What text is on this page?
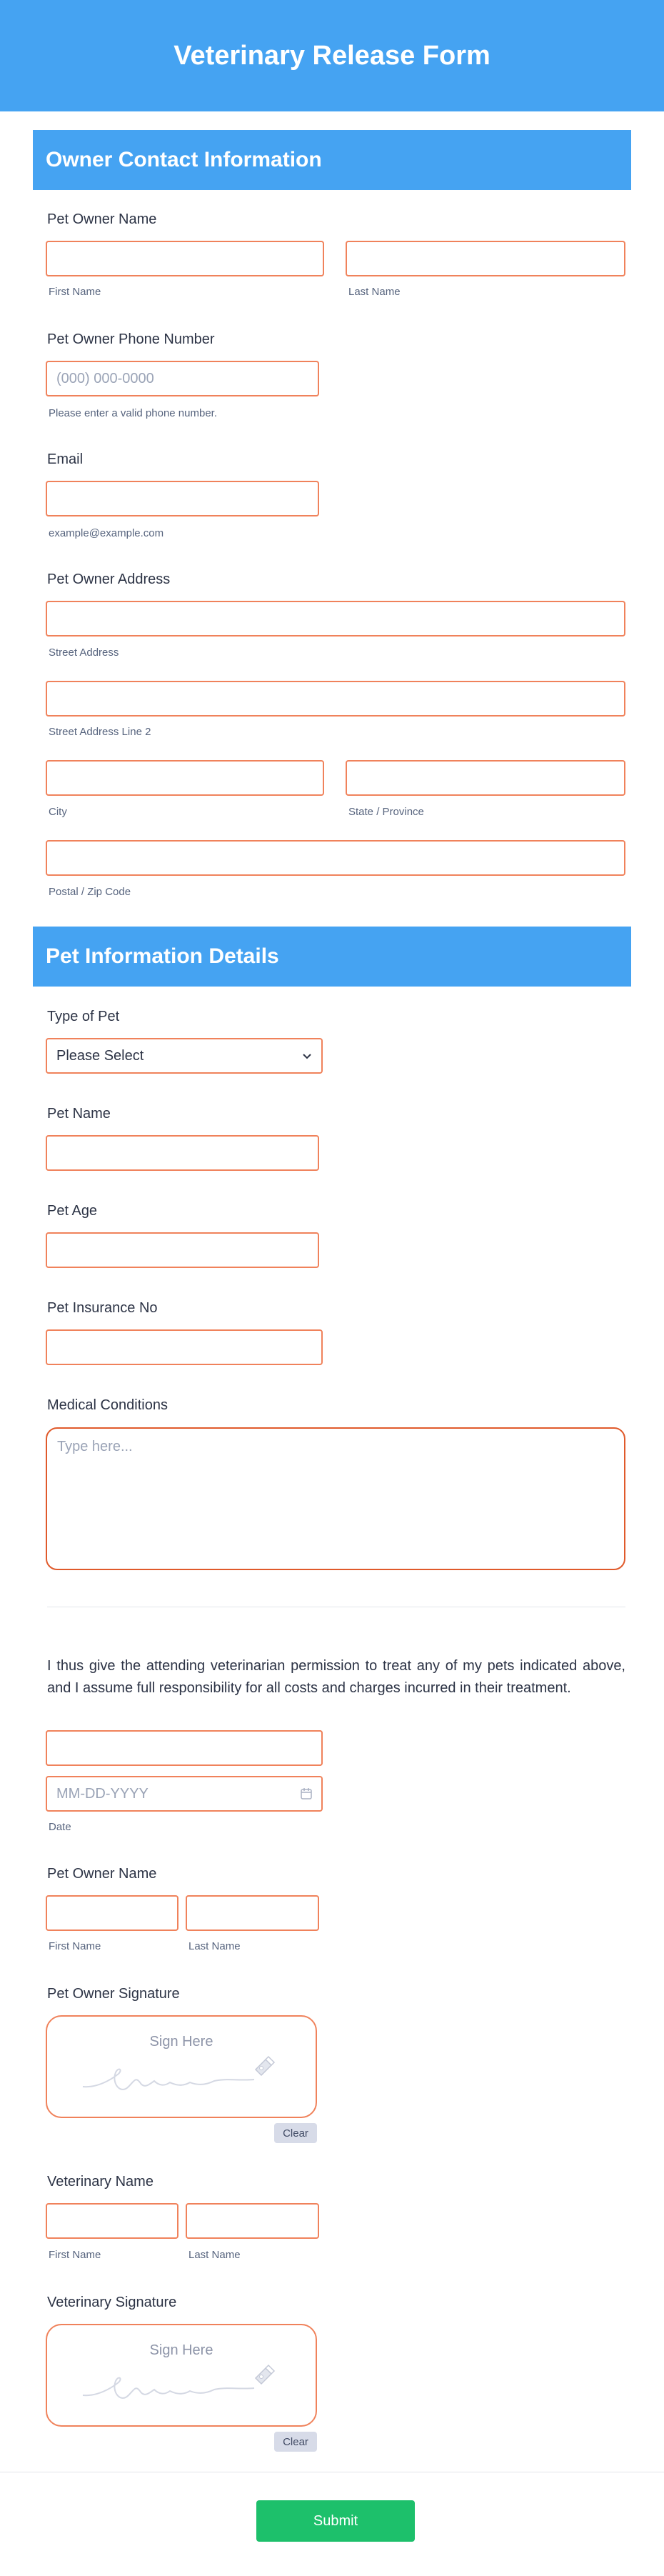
Veterinary Release Form
Owner Contact Information
Pet Owner Name
First Name	Last Name
Pet Owner Phone Number
(000) 000-0000
Please enter a valid phone number.
Email
example@example.com
Pet Owner Address
Street Address
Street Address Line 2
City	State / Province
Postal / Zip Code
Pet Information Details
Type of Pet
Please Select
Pet Name
Pet Age
Pet Insurance No
Medical Conditions
Type here...
I thus give the attending veterinarian permission to treat any of my pets indicated above, and I assume full responsibility for all costs and charges incurred in their treatment.
MM-DD-YYYY
Date
Pet Owner Name
First Name	Last Name
Pet Owner Signature
Sign Here
Clear
Veterinary Name
First Name	Last Name
Veterinary Signature
Sign Here
Clear
Submit
